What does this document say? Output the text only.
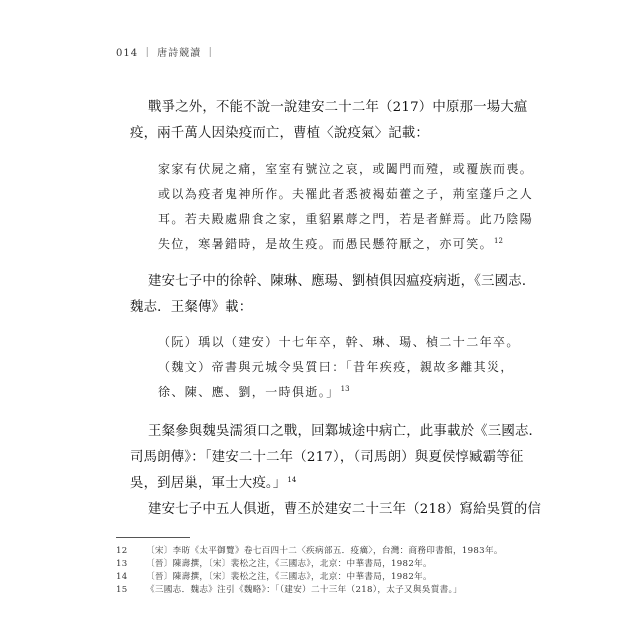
014 ｜ 唐詩競讀 ｜
戰爭之外，不能不說一說建安二十二年（217）中原那一場大瘟
疫，兩千萬人因染疫而亡，曹植〈說疫氣〉記載：
家家有伏屍之痛，室室有號泣之哀，或闔門而殪，或覆族而喪。
或以為疫者鬼神所作。夫罹此者悉被褐茹藿之子，荊室蓬戶之人
耳。若夫殿處鼎食之家，重貂累蓐之門，若是者鮮焉。此乃陰陽
失位，寒暑錯時，是故生疫。而愚民懸符厭之，亦可笑。$^{12}$
建安七子中的徐幹、陳琳、應瑒、劉楨俱因瘟疫病逝，《三國志．
魏志．王粲傳》載：
（阮）瑀以（建安）十七年卒，幹、琳、瑒、楨二十二年卒。
（魏文）帝書與元城令吳質曰：「昔年疾疫，親故多離其災，
徐、陳、應、劉，一時俱逝。」$^{13}$
王粲參與魏吳濡須口之戰，回鄴城途中病亡，此事載於《三國志．
司馬朗傳》：「建安二十二年（217），（司馬朗）與夏侯惇臧霸等征
吳，到居巢，軍士大疫。」$^{14}$
建安七子中五人俱逝，曹丕於建安二十三年（218）寫給吳質的信
12 〔宋〕李昉《太平御覽》卷七百四十二〈疾病部五．疫癘〉，台灣：商務印書館，1983年。
13 〔晉〕陳壽撰，〔宋〕裴松之注，《三國志》，北京：中華書局，1982年。
14 〔晉〕陳壽撰，〔宋〕裴松之注，《三國志》，北京：中華書局，1982年。
15 《三國志．魏志》注引《魏略》：「（建安）二十三年（218），太子又與吳質書。」
